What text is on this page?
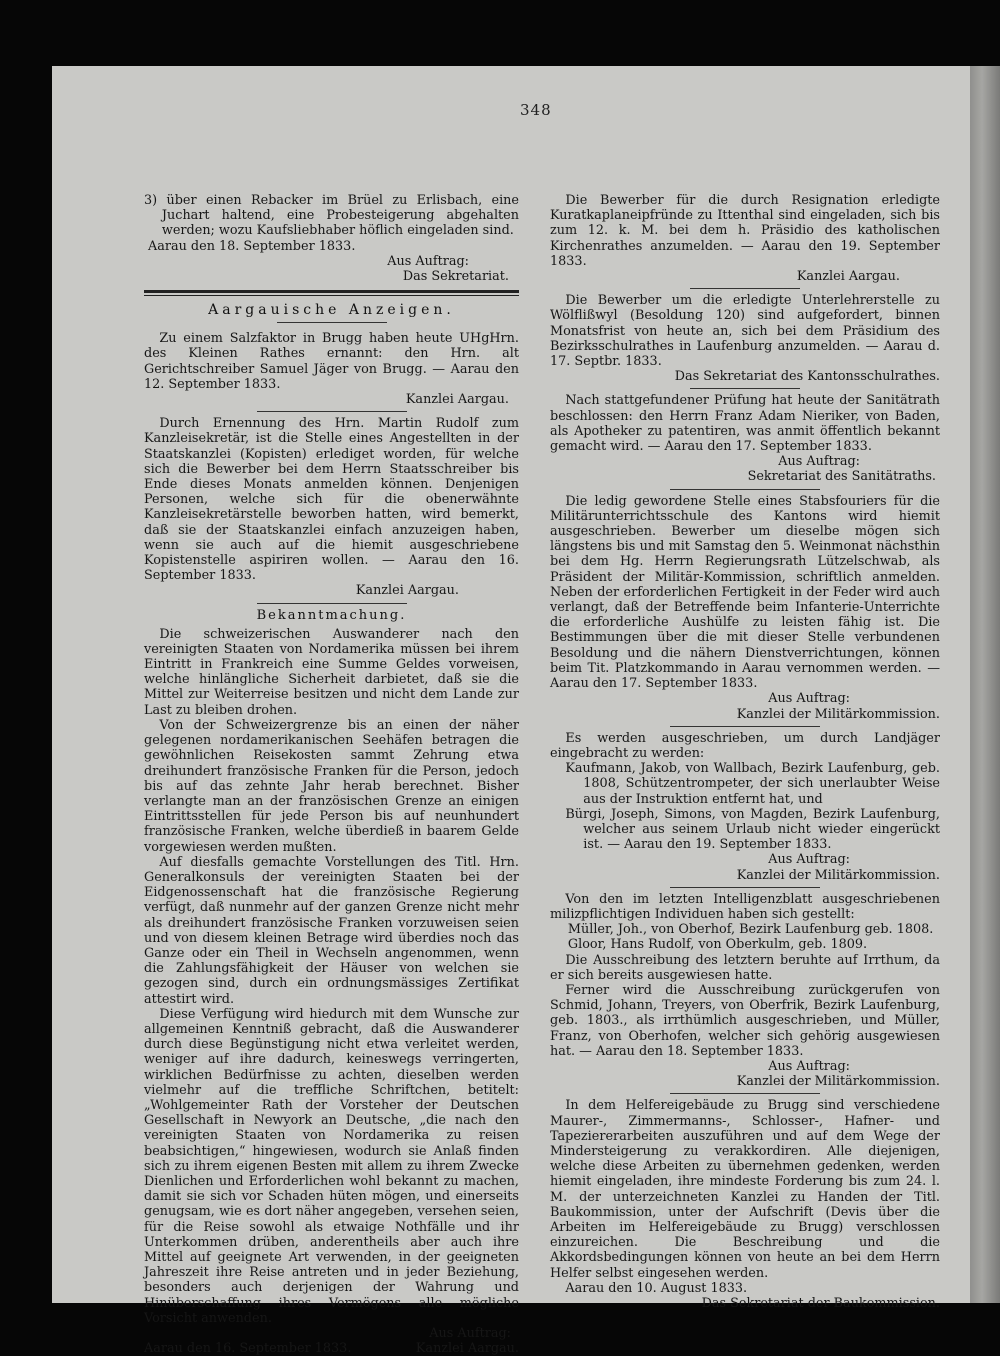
348

3) über einen Rebacker im Brüel zu Erlisbach, eine Juchart haltend, eine Probesteigerung abgehalten werden; wozu Kaufsliebhaber höflich eingeladen sind.

Aarau den 18. September 1833.

Aus Auftrag:

Das Sekretariat.

Aargauische Anzeigen.

Zu einem Salzfaktor in Brugg haben heute UHgHrn. des Kleinen Rathes ernannt: den Hrn. alt Gerichtschreiber Samuel Jäger von Brugg. — Aarau den 12. September 1833.

Kanzlei Aargau.

Durch Ernennung des Hrn. Martin Rudolf zum Kanzleisekretär, ist die Stelle eines Angestellten in der Staatskanzlei (Kopisten) erlediget worden, für welche sich die Bewerber bei dem Herrn Staatsschreiber bis Ende dieses Monats anmelden können. Denjenigen Personen, welche sich für die obenerwähnte Kanzleisekretärstelle beworben hatten, wird bemerkt, daß sie der Staatskanzlei einfach anzuzeigen haben, wenn sie auch auf die hiemit ausgeschriebene Kopistenstelle aspiriren wollen. — Aarau den 16. September 1833.

Kanzlei Aargau.

Bekanntmachung.

Die schweizerischen Auswanderer nach den vereinigten Staaten von Nordamerika müssen bei ihrem Eintritt in Frankreich eine Summe Geldes vorweisen, welche hinlängliche Sicherheit darbietet, daß sie die Mittel zur Weiterreise besitzen und nicht dem Lande zur Last zu bleiben drohen.

Von der Schweizergrenze bis an einen der näher gelegenen nordamerikanischen Seehäfen betragen die gewöhnlichen Reisekosten sammt Zehrung etwa dreihundert französische Franken für die Person, jedoch bis auf das zehnte Jahr herab berechnet. Bisher verlangte man an der französischen Grenze an einigen Eintrittsstellen für jede Person bis auf neunhundert französische Franken, welche überdieß in baarem Gelde vorgewiesen werden mußten.

Auf diesfalls gemachte Vorstellungen des Titl. Hrn. Generalkonsuls der vereinigten Staaten bei der Eidgenossenschaft hat die französische Regierung verfügt, daß nunmehr auf der ganzen Grenze nicht mehr als dreihundert französische Franken vorzuweisen seien und von diesem kleinen Betrage wird überdies noch das Ganze oder ein Theil in Wechseln angenommen, wenn die Zahlungsfähigkeit der Häuser von welchen sie gezogen sind, durch ein ordnungsmässiges Zertifikat attestirt wird.

Diese Verfügung wird hiedurch mit dem Wunsche zur allgemeinen Kenntniß gebracht, daß die Auswanderer durch diese Begünstigung nicht etwa verleitet werden, weniger auf ihre dadurch, keineswegs verringerten, wirklichen Bedürfnisse zu achten, dieselben werden vielmehr auf die treffliche Schriftchen, betitelt: „Wohlgemeinter Rath der Vorsteher der Deutschen Gesellschaft in Newyork an Deutsche, „die nach den vereinigten Staaten von Nordamerika zu reisen beabsichtigen,“ hingewiesen, wodurch sie Anlaß finden sich zu ihrem eigenen Besten mit allem zu ihrem Zwecke Dienlichen und Erforderlichen wohl bekannt zu machen, damit sie sich vor Schaden hüten mögen, und einerseits genugsam, wie es dort näher angegeben, versehen seien, für die Reise sowohl als etwaige Nothfälle und ihr Unterkommen drüben, anderentheils aber auch ihre Mittel auf geeignete Art verwenden, in der geeigneten Jahreszeit ihre Reise antreten und in jeder Beziehung, besonders auch derjenigen der Wahrung und Hinüberschaffung ihres Vermögens alle mögliche Vorsicht anwenden.

Aus Auftrag:

Aarau den 16. September 1833.	Kanzlei Aargau.

Die Bewerber für die durch Resignation erledigte Kuratkaplaneipfründe zu Ittenthal sind eingeladen, sich bis zum 12. k. M. bei dem h. Präsidio des katholischen Kirchenrathes anzumelden. — Aarau den 19. September 1833.

Kanzlei Aargau.

Die Bewerber um die erledigte Unterlehrerstelle zu Wölflißwyl (Besoldung 120) sind aufgefordert, binnen Monatsfrist von heute an, sich bei dem Präsidium des Bezirksschulrathes in Laufenburg anzumelden. — Aarau d. 17. Septbr. 1833.

Das Sekretariat des Kantonsschulrathes.

Nach stattgefundener Prüfung hat heute der Sanitätrath beschlossen: den Herrn Franz Adam Nieriker, von Baden, als Apotheker zu patentiren, was anmit öffentlich bekannt gemacht wird. — Aarau den 17. September 1833.

Aus Auftrag:

Sekretariat des Sanitätraths.

Die ledig gewordene Stelle eines Stabsfouriers für die Militärunterrichtsschule des Kantons wird hiemit ausgeschrieben. Bewerber um dieselbe mögen sich längstens bis und mit Samstag den 5. Weinmonat nächsthin bei dem Hg. Herrn Regierungsrath Lützelschwab, als Präsident der Militär-Kommission, schriftlich anmelden. Neben der erforderlichen Fertigkeit in der Feder wird auch verlangt, daß der Betreffende beim Infanterie-Unterrichte die erforderliche Aushülfe zu leisten fähig ist. Die Bestimmungen über die mit dieser Stelle verbundenen Besoldung und die nähern Dienstverrichtungen, können beim Tit. Platzkommando in Aarau vernommen werden. — Aarau den 17. September 1833.

Aus Auftrag:

Kanzlei der Militärkommission.

Es werden ausgeschrieben, um durch Landjäger eingebracht zu werden:

Kaufmann, Jakob, von Wallbach, Bezirk Laufenburg, geb. 1808, Schützentrompeter, der sich unerlaubter Weise aus der Instruktion entfernt hat, und

Bürgi, Joseph, Simons, von Magden, Bezirk Laufenburg, welcher aus seinem Urlaub nicht wieder eingerückt ist. — Aarau den 19. September 1833.

Aus Auftrag:

Kanzlei der Militärkommission.

Von den im letzten Intelligenzblatt ausgeschriebenen milizpflichtigen Individuen haben sich gestellt:

Müller, Joh., von Oberhof, Bezirk Laufenburg geb. 1808.

Gloor, Hans Rudolf, von Oberkulm, geb. 1809.

Die Ausschreibung des letztern beruhte auf Irrthum, da er sich bereits ausgewiesen hatte.

Ferner wird die Ausschreibung zurückgerufen von Schmid, Johann, Treyers, von Oberfrik, Bezirk Laufenburg, geb. 1803., als irrthümlich ausgeschrieben, und Müller, Franz, von Oberhofen, welcher sich gehörig ausgewiesen hat. — Aarau den 18. September 1833.

Aus Auftrag:

Kanzlei der Militärkommission.

In dem Helfereigebäude zu Brugg sind verschiedene Maurer-, Zimmermanns-, Schlosser-, Hafner- und Tapeziererarbeiten auszuführen und auf dem Wege der Mindersteigerung zu verakkordiren. Alle diejenigen, welche diese Arbeiten zu übernehmen gedenken, werden hiemit eingeladen, ihre mindeste Forderung bis zum 24. l. M. der unterzeichneten Kanzlei zu Handen der Titl. Baukommission, unter der Aufschrift (Devis über die Arbeiten im Helfereigebäude zu Brugg) verschlossen einzureichen. Die Beschreibung und die Akkordsbedingungen können von heute an bei dem Herrn Helfer selbst eingesehen werden.

Aarau den 10. August 1833.

Das Sekretariat der Baukommission.
